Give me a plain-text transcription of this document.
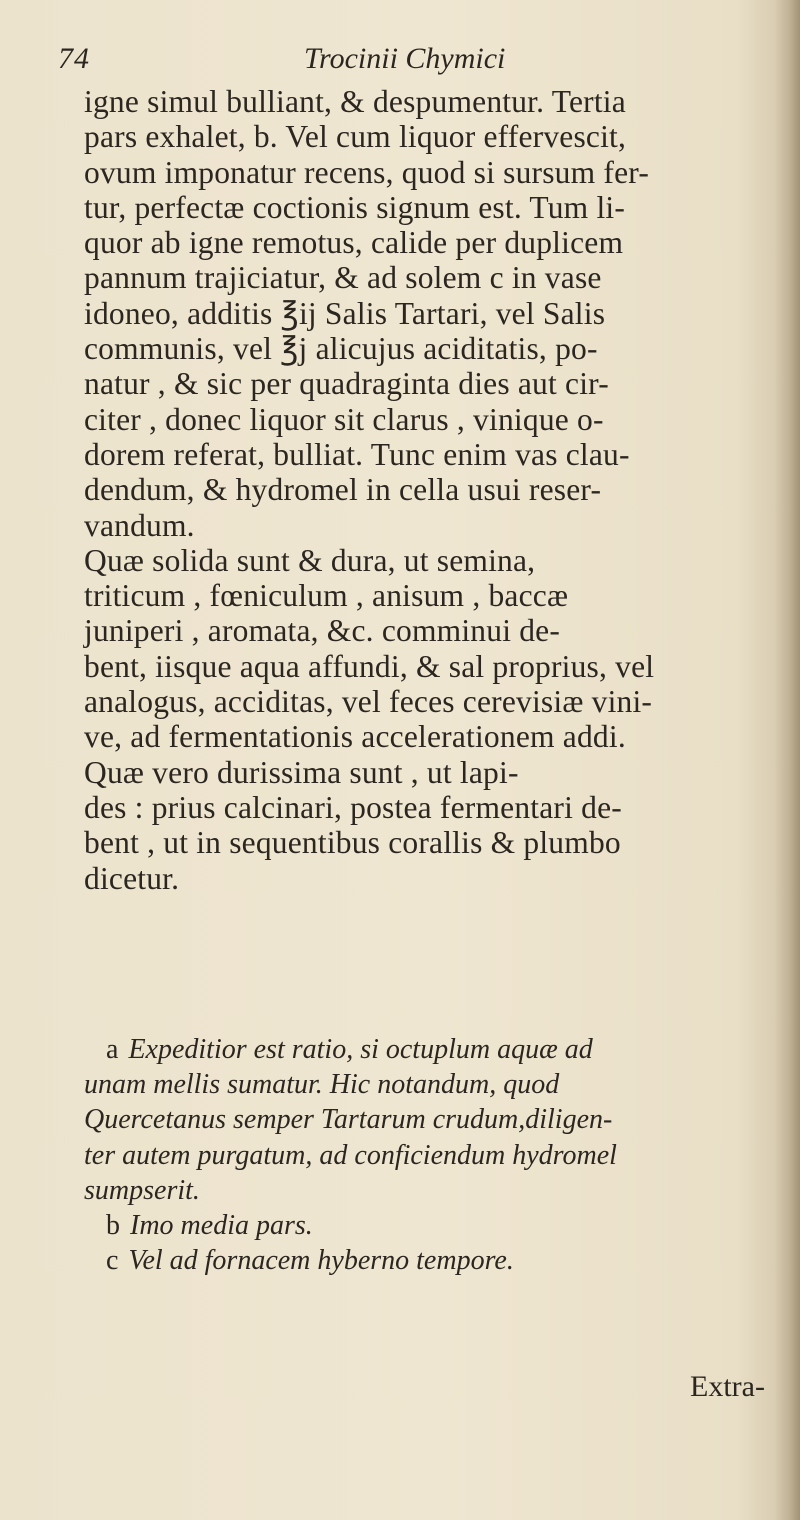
74	Trocinii Chymici
igne simul bulliant, & despumentur. Tertia
pars exhalet, b. Vel cum liquor effervescit,
ovum imponatur recens, quod si sursum fer-
tur, perfectæ coctionis signum est. Tum li-
quor ab igne remotus, calide per duplicem
pannum trajiciatur, & ad solem c in vase
idoneo, additis ℥ij Salis Tartari, vel Salis
communis, vel ℥j alicujus aciditatis, po-
natur , & sic per quadraginta dies aut cir-
citer , donec liquor sit clarus , vinique o-
dorem referat, bulliat. Tunc enim vas clau-
dendum, & hydromel in cella usui reser-
vandum.
Quæ solida sunt & dura, ut semina,
triticum , fœniculum , anisum , baccæ
juniperi , aromata, &c. comminui de-
bent, iisque aqua affundi, & sal proprius, vel
analogus, acciditas, vel feces cerevisiæ vini-
ve, ad fermentationis accelerationem addi.
Quæ vero durissima sunt , ut lapi-
des : prius calcinari, postea fermentari de-
bent , ut in sequentibus corallis & plumbo
dicetur.
a Expeditior est ratio, si octuplum aquæ ad
unam mellis sumatur. Hic notandum, quod
Quercetanus semper Tartarum crudum,diligen-
ter autem purgatum, ad conficiendum hydromel
sumpserit.
b Imo media pars.
c Vel ad fornacem hyberno tempore.
Extra-
